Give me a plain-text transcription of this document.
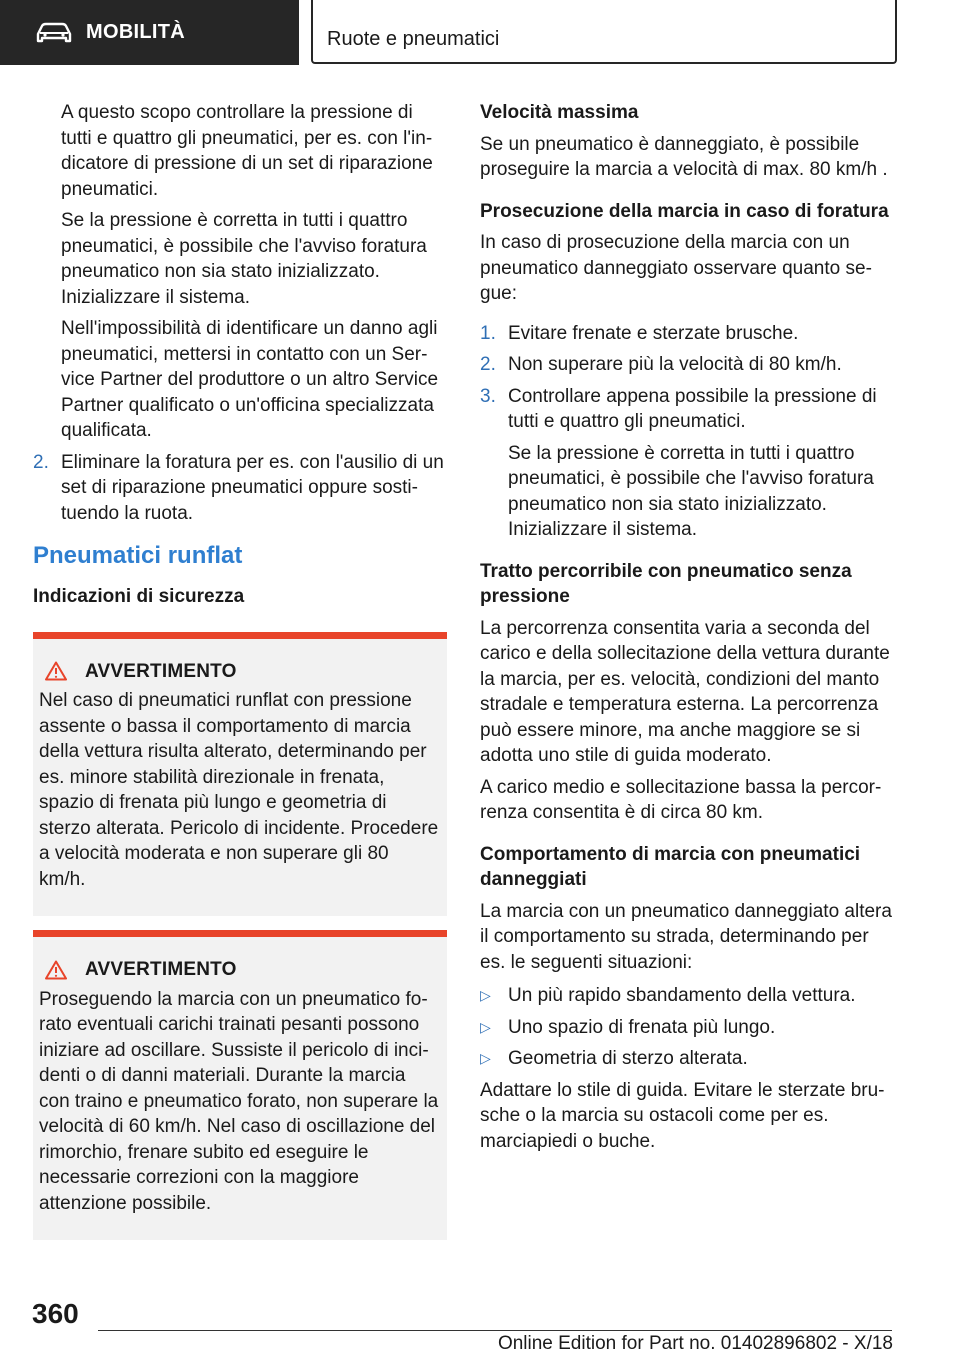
MOBILITÀ	Ruote e pneumatici

A questo scopo controllare la pressione di tutti e quattro gli pneumatici, per es. con l'indicatore di pressione di un set di riparazione pneumatici.

Se la pressione è corretta in tutti i quattro pneumatici, è possibile che l'avviso foratura pneumatico non sia stato inizializzato. Inizializzare il sistema.

Nell'impossibilità di identificare un danno agli pneumatici, mettersi in contatto con un Service Partner del produttore o un altro Service Partner qualificato o un'officina specializzata qualificata.

2. Eliminare la foratura per es. con l'ausilio di un set di riparazione pneumatici oppure sostituendo la ruota.
Pneumatici runflat
Indicazioni di sicurezza
AVVERTIMENTO

Nel caso di pneumatici runflat con pressione assente o bassa il comportamento di marcia della vettura risulta alterato, determinando per es. minore stabilità direzionale in frenata, spazio di frenata più lungo e geometria di sterzo alterata. Pericolo di incidente. Procedere a velocità moderata e non superare gli 80 km/h.

AVVERTIMENTO

Proseguendo la marcia con un pneumatico forato eventuali carichi trainati pesanti possono iniziare ad oscillare. Sussiste il pericolo di incidenti o di danni materiali. Durante la marcia con traino e pneumatico forato, non superare la velocità di 60 km/h. Nel caso di oscillazione del rimorchio, frenare subito ed eseguire le necessarie correzioni con la maggiore attenzione possibile.

Velocità massima

Se un pneumatico è danneggiato, è possibile proseguire la marcia a velocità di max. 80 km/h .

Prosecuzione della marcia in caso di foratura

In caso di prosecuzione della marcia con un pneumatico danneggiato osservare quanto segue:

1. Evitare frenate e sterzate brusche.
2. Non superare più la velocità di 80 km/h.
3. Controllare appena possibile la pressione di tutti e quattro gli pneumatici.

Se la pressione è corretta in tutti i quattro pneumatici, è possibile che l'avviso foratura pneumatico non sia stato inizializzato. Inizializzare il sistema.

Tratto percorribile con pneumatico senza pressione

La percorrenza consentita varia a seconda del carico e della sollecitazione della vettura durante la marcia, per es. velocità, condizioni del manto stradale e temperatura esterna. La percorrenza può essere minore, ma anche maggiore se si adotta uno stile di guida moderato.

A carico medio e sollecitazione bassa la percorrenza consentita è di circa 80 km.

Comportamento di marcia con pneumatici danneggiati

La marcia con un pneumatico danneggiato altera il comportamento su strada, determinando per es. le seguenti situazioni:

▷ Un più rapido sbandamento della vettura.
▷ Uno spazio di frenata più lungo.
▷ Geometria di sterzo alterata.

Adattare lo stile di guida. Evitare le sterzate brusche o la marcia su ostacoli come per es. marciapiedi o buche.

360
Online Edition for Part no. 01402896802 - X/18
